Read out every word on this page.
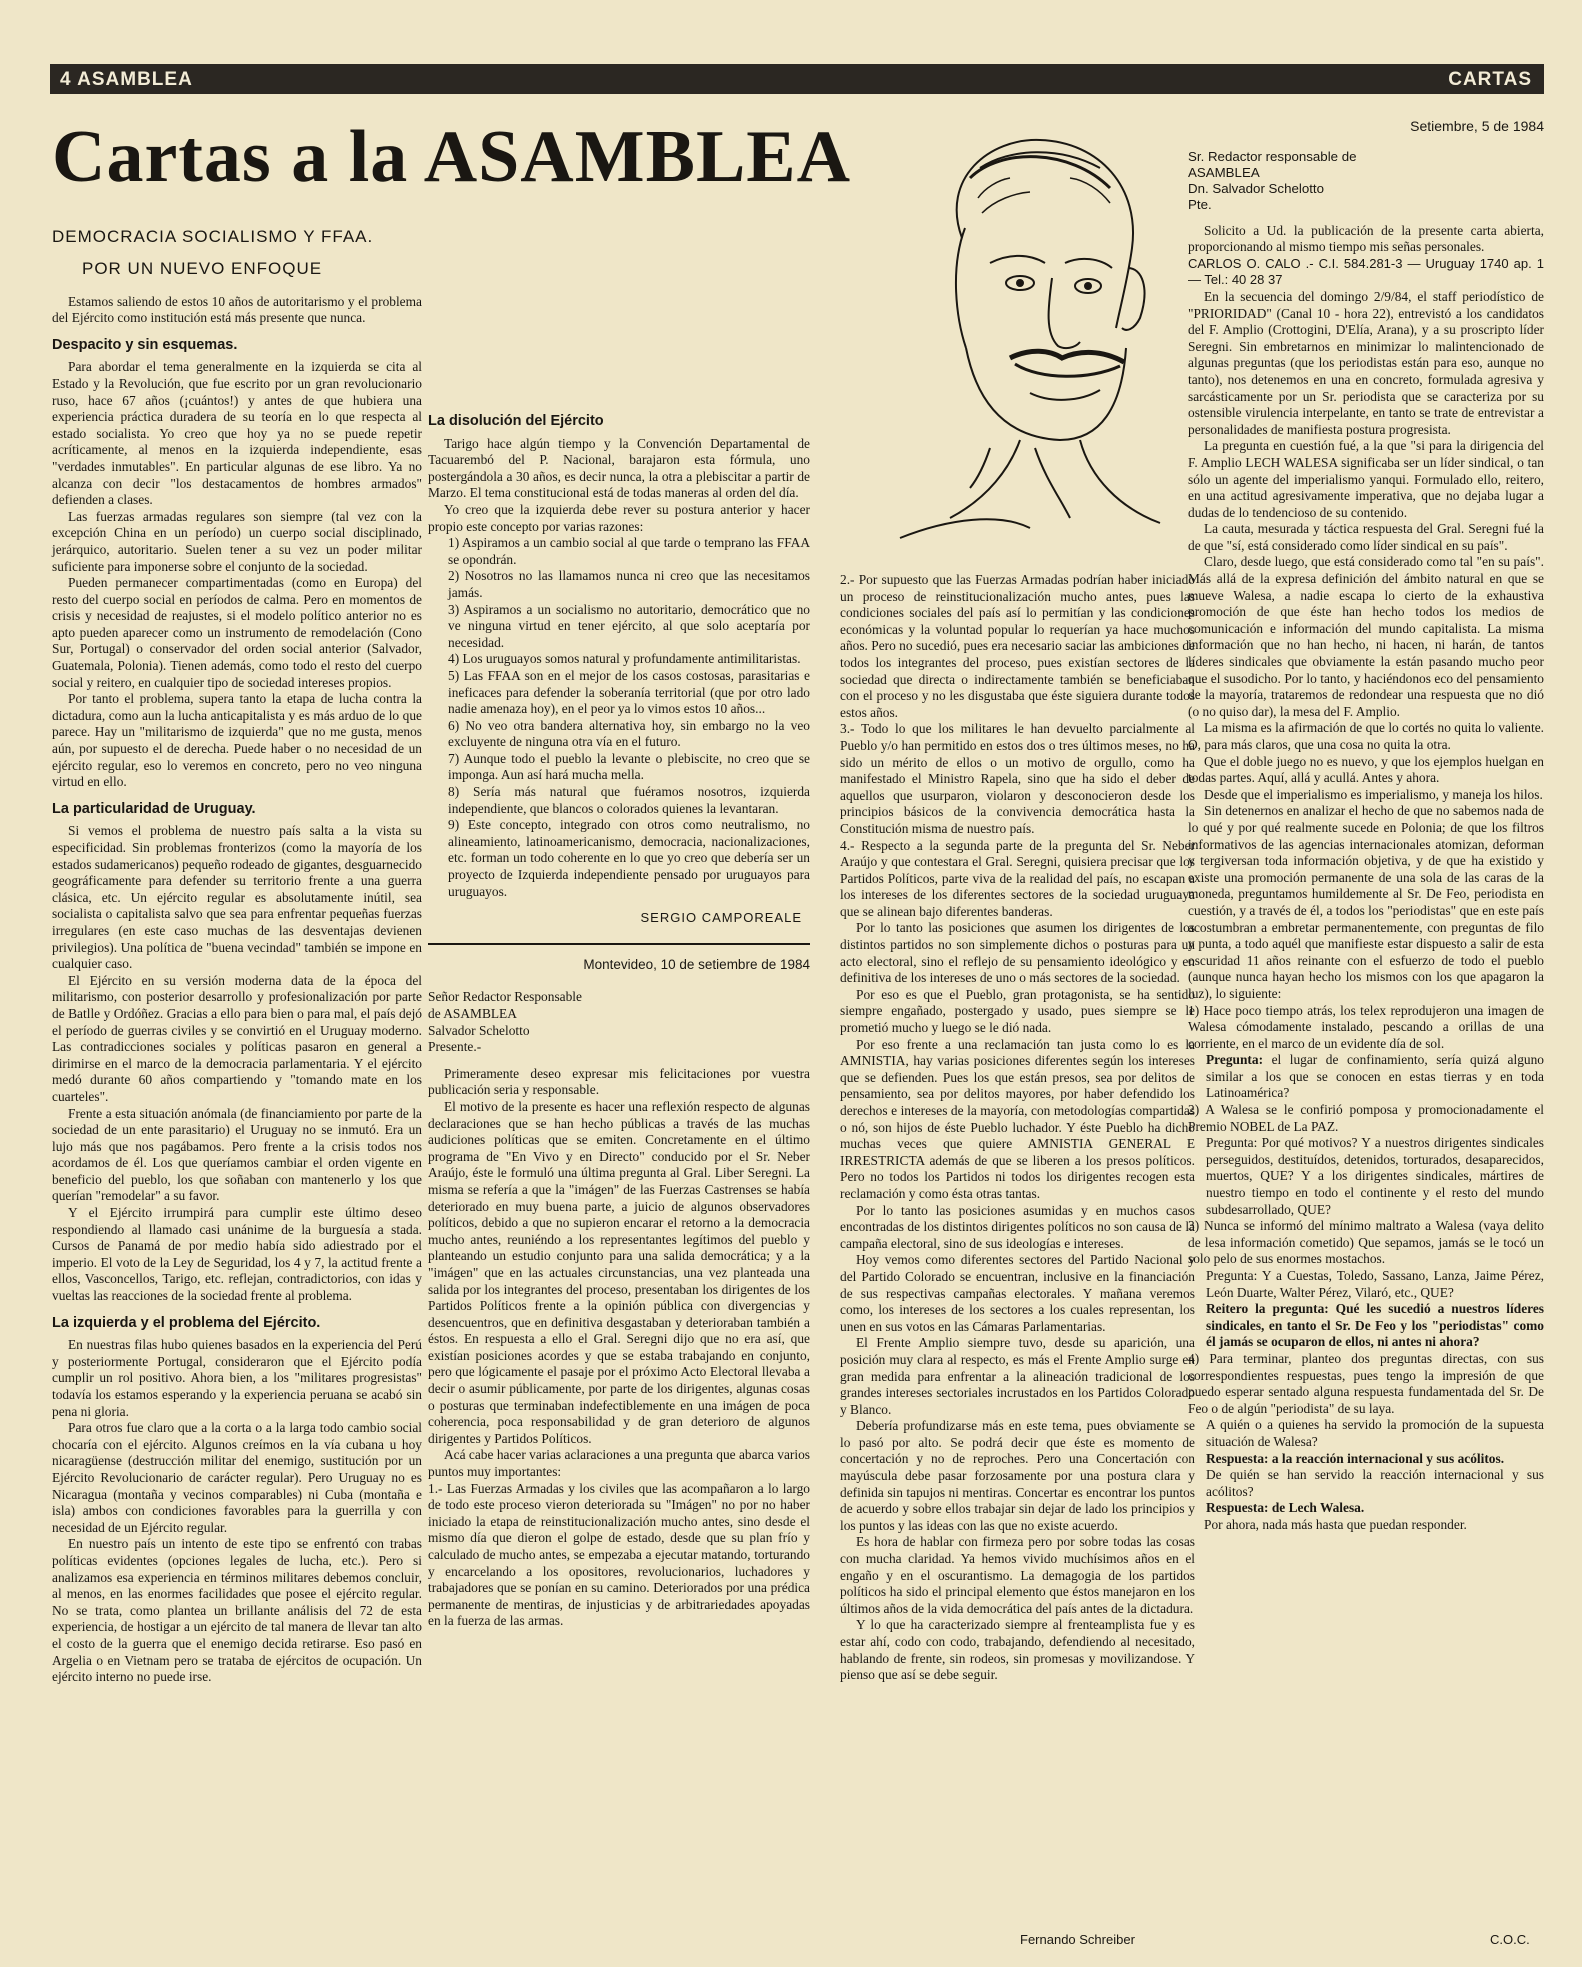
4 ASAMBLEA	CARTAS
Cartas a la ASAMBLEA
DEMOCRACIA SOCIALISMO Y FFAA.
POR UN NUEVO ENFOQUE

Estamos saliendo de estos 10 años de autoritarismo y el problema del Ejército como institución está más presente que nunca.

Despacito y sin esquemas.

Para abordar el tema generalmente en la izquierda se cita al Estado y la Revolución, que fue escrito por un gran revolucionario ruso, hace 67 años (¡cuántos!) y antes de que hubiera una experiencia práctica duradera de su teoría en lo que respecta al estado socialista. Yo creo que hoy ya no se puede repetir acríticamente, al menos en la izquierda independiente, esas "verdades inmutables". En particular algunas de ese libro. Ya no alcanza con decir "los destacamentos de hombres armados" defienden a clases.

Las fuerzas armadas regulares son siempre (tal vez con la excepción China en un período) un cuerpo social disciplinado, jerárquico, autoritario. Suelen tener a su vez un poder militar suficiente para imponerse sobre el conjunto de la sociedad.

Pueden permanecer compartimentadas (como en Europa) del resto del cuerpo social en períodos de calma. Pero en momentos de crisis y necesidad de reajustes, si el modelo político anterior no es apto pueden aparecer como un instrumento de remodelación (Cono Sur, Portugal) o conservador del orden social anterior (Salvador, Guatemala, Polonia). Tienen además, como todo el resto del cuerpo social y reitero, en cualquier tipo de sociedad intereses propios.

Por tanto el problema, supera tanto la etapa de lucha contra la dictadura, como aun la lucha anticapitalista y es más arduo de lo que parece. Hay un "militarismo de izquierda" que no me gusta, menos aún, por supuesto el de derecha. Puede haber o no necesidad de un ejército regular, eso lo veremos en concreto, pero no veo ninguna virtud en ello.

La particularidad de Uruguay.

Si vemos el problema de nuestro país salta a la vista su especificidad. Sin problemas fronterizos (como la mayoría de los estados sudamericanos) pequeño rodeado de gigantes, desguarnecido geográficamente para defender su territorio frente a una guerra clásica, etc. Un ejército regular es absolutamente inútil, sea socialista o capitalista salvo que sea para enfrentar pequeñas fuerzas irregulares (en este caso muchas de las desventajas devienen privilegios). Una política de "buena vecindad" también se impone en cualquier caso.

El Ejército en su versión moderna data de la época del militarismo, con posterior desarrollo y profesionalización por parte de Batlle y Ordóñez. Gracias a ello para bien o para mal, el país dejó el período de guerras civiles y se convirtió en el Uruguay moderno. Las contradicciones sociales y políticas pasaron en general a dirimirse en el marco de la democracia parlamentaria. Y el ejército medó durante 60 años compartiendo y "tomando mate en los cuarteles".

Frente a esta situación anómala (de financiamiento por parte de la sociedad de un ente parasitario) el Uruguay no se inmutó. Era un lujo más que nos pagábamos. Pero frente a la crisis todos nos acordamos de él. Los que queríamos cambiar el orden vigente en beneficio del pueblo, los que soñaban con mantenerlo y los que querían "remodelar" a su favor.

Y el Ejército irrumpirá para cumplir este último deseo respondiendo al llamado casi unánime de la burguesía a stada. Cursos de Panamá de por medio había sido adiestrado por el imperio. El voto de la Ley de Seguridad, los 4 y 7, la actitud frente a ellos, Vasconcellos, Tarigo, etc. reflejan, contradictorios, con idas y vueltas las reacciones de la sociedad frente al problema.

La izquierda y el problema del Ejército.

En nuestras filas hubo quienes basados en la experiencia del Perú y posteriormente Portugal, consideraron que el Ejército podía cumplir un rol positivo. Ahora bien, a los "militares progresistas" todavía los estamos esperando y la experiencia peruana se acabó sin pena ni gloria.

Para otros fue claro que a la corta o a la larga todo cambio social chocaría con el ejército. Algunos creímos en la vía cubana u hoy nicaragüense (destrucción militar del enemigo, sustitución por un Ejército Revolucionario de carácter regular). Pero Uruguay no es Nicaragua (montaña y vecinos comparables) ni Cuba (montaña e isla) ambos con condiciones favorables para la guerrilla y con necesidad de un Ejército regular.

En nuestro país un intento de este tipo se enfrentó con trabas políticas evidentes (opciones legales de lucha, etc.). Pero si analizamos esa experiencia en términos militares debemos concluir, al menos, en las enormes facilidades que posee el ejército regular. No se trata, como plantea un brillante análisis del 72 de esta experiencia, de hostigar a un ejército de tal manera de llevar tan alto el costo de la guerra que el enemigo decida retirarse. Eso pasó en Argelia o en Vietnam pero se trataba de ejércitos de ocupación. Un ejército interno no puede irse.

La disolución del Ejército

Tarigo hace algún tiempo y la Convención Departamental de Tacuarembó del P. Nacional, barajaron esta fórmula, uno postergándola a 30 años, es decir nunca, la otra a plebiscitar a partir de Marzo. El tema constitucional está de todas maneras al orden del día.

Yo creo que la izquierda debe rever su postura anterior y hacer propio este concepto por varias razones:

1) Aspiramos a un cambio social al que tarde o temprano las FFAA se opondrán.

2) Nosotros no las llamamos nunca ni creo que las necesitamos jamás.

3) Aspiramos a un socialismo no autoritario, democrático que no ve ninguna virtud en tener ejército, al que solo aceptaría por necesidad.

4) Los uruguayos somos natural y profundamente antimilitaristas.

5) Las FFAA son en el mejor de los casos costosas, parasitarias e ineficaces para defender la soberanía territorial (que por otro lado nadie amenaza hoy), en el peor ya lo vimos estos 10 años...

6) No veo otra bandera alternativa hoy, sin embargo no la veo excluyente de ninguna otra vía en el futuro.

7) Aunque todo el pueblo la levante o plebiscite, no creo que se imponga. Aun así hará mucha mella.

8) Sería más natural que fuéramos nosotros, izquierda independiente, que blancos o colorados quienes la levantaran.

9) Este concepto, integrado con otros como neutralismo, no alineamiento, latinoamericanismo, democracia, nacionalizaciones, etc. forman un todo coherente en lo que yo creo que debería ser un proyecto de Izquierda independiente pensado por uruguayos para uruguayos.

SERGIO CAMPOREALE
Montevideo, 10 de setiembre de 1984
Señor Redactor Responsable
de ASAMBLEA
Salvador Schelotto
Presente.-

Primeramente deseo expresar mis felicitaciones por vuestra publicación seria y responsable.

El motivo de la presente es hacer una reflexión respecto de algunas declaraciones que se han hecho públicas a través de las muchas audiciones políticas que se emiten. Concretamente en el último programa de "En Vivo y en Directo" conducido por el Sr. Neber Araújo, éste le formuló una última pregunta al Gral. Liber Seregni. La misma se refería a que la "imágen" de las Fuerzas Castrenses se había deteriorado en muy buena parte, a juicio de algunos observadores políticos, debido a que no supieron encarar el retorno a la democracia mucho antes, reuniéndo a los representantes legítimos del pueblo y planteando un estudio conjunto para una salida democrática; y a la "imágen" que en las actuales circunstancias, una vez planteada una salida por los integrantes del proceso, presentaban los dirigentes de los Partidos Políticos frente a la opinión pública con divergencias y desencuentros, que en definitiva desgastaban y deterioraban también a éstos. En respuesta a ello el Gral. Seregni dijo que no era así, que existían posiciones acordes y que se estaba trabajando en conjunto, pero que lógicamente el pasaje por el próximo Acto Electoral llevaba a decir o asumir públicamente, por parte de los dirigentes, algunas cosas o posturas que terminaban indefectiblemente en una imágen de poca coherencia, poca responsabilidad y de gran deterioro de algunos dirigentes y Partidos Políticos.

Acá cabe hacer varias aclaraciones a una pregunta que abarca varios puntos muy importantes:

1.- Las Fuerzas Armadas y los civiles que las acompañaron a lo largo de todo este proceso vieron deteriorada su "Imágen" no por no haber iniciado la etapa de reinstitucionalización mucho antes, sino desde el mismo día que dieron el golpe de estado, desde que su plan frío y calculado de mucho antes, se empezaba a ejecutar matando, torturando y encarcelando a los opositores, revolucionarios, luchadores y trabajadores que se ponían en su camino. Deteriorados por una prédica permanente de mentiras, de injusticias y de arbitrariedades apoyadas en la fuerza de las armas.

2.- Por supuesto que las Fuerzas Armadas podrían haber iniciado un proceso de reinstitucionalización mucho antes, pues las condiciones sociales del país así lo permitían y las condiciones económicas y la voluntad popular lo requerían ya hace muchos años. Pero no sucedió, pues era necesario saciar las ambiciones de todos los integrantes del proceso, pues existían sectores de la sociedad que directa o indirectamente también se beneficiaban con el proceso y no les disgustaba que éste siguiera durante todos estos años.

3.- Todo lo que los militares le han devuelto parcialmente al Pueblo y/o han permitido en estos dos o tres últimos meses, no ha sido un mérito de ellos o un motivo de orgullo, como ha manifestado el Ministro Rapela, sino que ha sido el deber de aquellos que usurparon, violaron y desconocieron desde los principios básicos de la convivencia democrática hasta la Constitución misma de nuestro país.

4.- Respecto a la segunda parte de la pregunta del Sr. Neber Araújo y que contestara el Gral. Seregni, quisiera precisar que los Partidos Políticos, parte viva de la realidad del país, no escapan a los intereses de los diferentes sectores de la sociedad uruguaya que se alinean bajo diferentes banderas.

Por lo tanto las posiciones que asumen los dirigentes de los distintos partidos no son simplemente dichos o posturas para un acto electoral, sino el reflejo de su pensamiento ideológico y en definitiva de los intereses de uno o más sectores de la sociedad.

Por eso es que el Pueblo, gran protagonista, se ha sentido siempre engañado, postergado y usado, pues siempre se le prometió mucho y luego se le dió nada.

Por eso frente a una reclamación tan justa como lo es la AMNISTIA, hay varias posiciones diferentes según los intereses que se defienden. Pues los que están presos, sea por delitos de pensamiento, sea por delitos mayores, por haber defendido los derechos e intereses de la mayoría, con metodologías compartidas o nó, son hijos de éste Pueblo luchador. Y éste Pueblo ha dicho muchas veces que quiere AMNISTIA GENERAL E IRRESTRICTA además de que se liberen a los presos políticos. Pero no todos los Partidos ni todos los dirigentes recogen esta reclamación y como ésta otras tantas.

Por lo tanto las posiciones asumidas y en muchos casos encontradas de los distintos dirigentes políticos no son causa de la campaña electoral, sino de sus ideologías e intereses.

Hoy vemos como diferentes sectores del Partido Nacional y del Partido Colorado se encuentran, inclusive en la financiación de sus respectivas campañas electorales. Y mañana veremos como, los intereses de los sectores a los cuales representan, los unen en sus votos en las Cámaras Parlamentarias.

El Frente Amplio siempre tuvo, desde su aparición, una posición muy clara al respecto, es más el Frente Amplio surge en gran medida para enfrentar a la alineación tradicional de los grandes intereses sectoriales incrustados en los Partidos Colorado y Blanco.

Debería profundizarse más en este tema, pues obviamente se lo pasó por alto. Se podrá decir que éste es momento de concertación y no de reproches. Pero una Concertación con mayúscula debe pasar forzosamente por una postura clara y definida sin tapujos ni mentiras. Concertar es encontrar los puntos de acuerdo y sobre ellos trabajar sin dejar de lado los principios y los puntos y las ideas con las que no existe acuerdo.

Es hora de hablar con firmeza pero por sobre todas las cosas con mucha claridad. Ya hemos vivido muchísimos años en el engaño y en el oscurantismo. La demagogia de los partidos políticos ha sido el principal elemento que éstos manejaron en los últimos años de la vida democrática del país antes de la dictadura.

Y lo que ha caracterizado siempre al frenteamplista fue y es estar ahí, codo con codo, trabajando, defendiendo al necesitado, hablando de frente, sin rodeos, sin promesas y movilizandose. Y pienso que así se debe seguir.

Fernando Schreiber
Setiembre, 5 de 1984
Sr. Redactor responsable de
ASAMBLEA
Dn. Salvador Schelotto
Pte.

Solicito a Ud. la publicación de la presente carta abierta, proporcionando al mismo tiempo mis señas personales.

CARLOS O. CALO .- C.I. 584.281-3 — Uruguay 1740 ap. 1 — Tel.: 40 28 37

En la secuencia del domingo 2/9/84, el staff periodístico de "PRIORIDAD" (Canal 10 - hora 22), entrevistó a los candidatos del F. Amplio (Crottogini, D'Elía, Arana), y a su proscripto líder Seregni. Sin embretarnos en minimizar lo malintencionado de algunas preguntas (que los periodistas están para eso, aunque no tanto), nos detenemos en una en concreto, formulada agresiva y sarcásticamente por un Sr. periodista que se caracteriza por su ostensible virulencia interpelante, en tanto se trate de entrevistar a personalidades de manifiesta postura progresista.

La pregunta en cuestión fué, a la que "si para la dirigencia del F. Amplio LECH WALESA significaba ser un líder sindical, o tan sólo un agente del imperialismo yanqui. Formulado ello, reitero, en una actitud agresivamente imperativa, que no dejaba lugar a dudas de lo tendencioso de su contenido.

La cauta, mesurada y táctica respuesta del Gral. Seregni fué la de que "sí, está considerado como líder sindical en su país".

Claro, desde luego, que está considerado como tal "en su país". Más allá de la expresa definición del ámbito natural en que se mueve Walesa, a nadie escapa lo cierto de la exhaustiva promoción de que éste han hecho todos los medios de comunicación e información del mundo capitalista. La misma información que no han hecho, ni hacen, ni harán, de tantos líderes sindicales que obviamente la están pasando mucho peor que el susodicho. Por lo tanto, y haciéndonos eco del pensamiento de la mayoría, trataremos de redondear una respuesta que no dió (o no quiso dar), la mesa del F. Amplio.

La misma es la afirmación de que lo cortés no quita lo valiente. O, para más claros, que una cosa no quita la otra.

Que el doble juego no es nuevo, y que los ejemplos huelgan en todas partes. Aquí, allá y acullá. Antes y ahora.

Desde que el imperialismo es imperialismo, y maneja los hilos.

Sin detenernos en analizar el hecho de que no sabemos nada de lo qué y por qué realmente sucede en Polonia; de que los filtros informativos de las agencias internacionales atomizan, deforman y tergiversan toda información objetiva, y de que ha existido y existe una promoción permanente de una sola de las caras de la moneda, preguntamos humildemente al Sr. De Feo, periodista en cuestión, y a través de él, a todos los "periodistas" que en este país acostumbran a embretar permanentemente, con preguntas de filo y punta, a todo aquél que manifieste estar dispuesto a salir de esta oscuridad 11 años reinante con el esfuerzo de todo el pueblo (aunque nunca hayan hecho los mismos con los que apagaron la luz), lo siguiente:

1) Hace poco tiempo atrás, los telex reprodujeron una imagen de Walesa cómodamente instalado, pescando a orillas de una corriente, en el marco de un evidente día de sol.

Pregunta: el lugar de confinamiento, sería quizá alguno similar a los que se conocen en estas tierras y en toda Latinoamérica?

2) A Walesa se le confirió pomposa y promocionadamente el Premio NOBEL de La PAZ.

Pregunta: Por qué motivos? Y a nuestros dirigentes sindicales perseguidos, destituídos, detenidos, torturados, desaparecidos, muertos, QUE? Y a los dirigentes sindicales, mártires de nuestro tiempo en todo el continente y el resto del mundo subdesarrollado, QUE?

3) Nunca se informó del mínimo maltrato a Walesa (vaya delito de lesa información cometido) Que sepamos, jamás se le tocó un solo pelo de sus enormes mostachos.

Pregunta: Y a Cuestas, Toledo, Sassano, Lanza, Jaime Pérez, León Duarte, Walter Pérez, Vilaró, etc., QUE?

Reitero la pregunta: Qué les sucedió a nuestros líderes sindicales, en tanto el Sr. De Feo y los "periodistas" como él jamás se ocuparon de ellos, ni antes ni ahora?

4) Para terminar, planteo dos preguntas directas, con sus correspondientes respuestas, pues tengo la impresión de que puedo esperar sentado alguna respuesta fundamentada del Sr. De Feo o de algún "periodista" de su laya.

A quién o a quienes ha servido la promoción de la supuesta situación de Walesa?

Respuesta: a la reacción internacional y sus acólitos.

De quién se han servido la reacción internacional y sus acólitos?

Respuesta: de Lech Walesa.

Por ahora, nada más hasta que puedan responder.

C.O.C.
